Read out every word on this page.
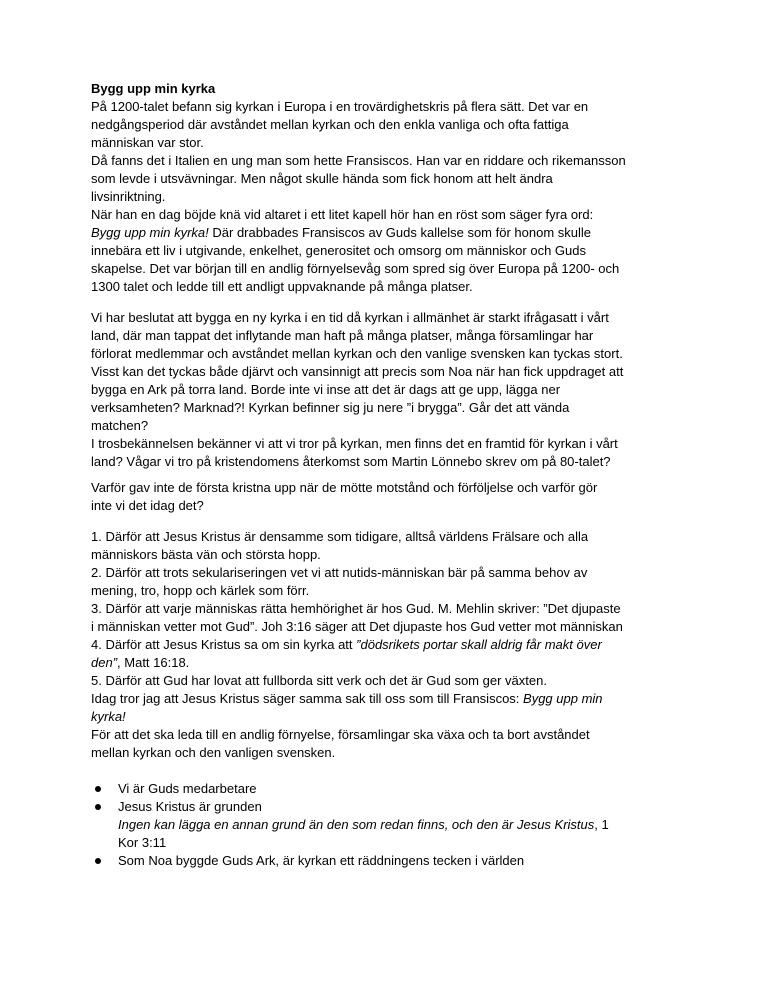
Bygg upp min kyrka
På 1200-talet befann sig kyrkan i Europa i en trovärdighetskris på flera sätt. Det var en
nedgångsperiod där avståndet mellan kyrkan och den enkla vanliga och ofta fattiga
människan var stor.
Då fanns det i Italien en ung man som hette Fransiscos. Han var en riddare och rikemansson
som levde i utsvävningar. Men något skulle hända som fick honom att helt ändra
livsinriktning.
När han en dag böjde knä vid altaret i ett litet kapell hör han en röst som säger fyra ord:
Bygg upp min kyrka! Där drabbades Fransiscos av Guds kallelse som för honom skulle
innebära ett liv i utgivande, enkelhet, generositet och omsorg om människor och Guds
skapelse. Det var början till en andlig förnyelsevåg som spred sig över Europa på 1200- och
1300 talet och ledde till ett andligt uppvaknande på många platser.
Vi har beslutat att bygga en ny kyrka i en tid då kyrkan i allmänhet är starkt ifrågasatt i vårt
land, där man tappat det inflytande man haft på många platser, många församlingar har
förlorat medlemmar och avståndet mellan kyrkan och den vanlige svensken kan tyckas stort.
Visst kan det tyckas både djärvt och vansinnigt att precis som Noa när han fick uppdraget att
bygga en Ark på torra land. Borde inte vi inse att det är dags att ge upp, lägga ner
verksamheten? Marknad?! Kyrkan befinner sig ju nere ”i brygga”. Går det att vända
matchen?
I trosbekännelsen bekänner vi att vi tror på kyrkan, men finns det en framtid för kyrkan i vårt
land? Vågar vi tro på kristendomens återkomst som Martin Lönnebo skrev om på 80-talet?
Varför gav inte de första kristna upp när de mötte motstånd och förföljelse och varför gör
inte vi det idag det?
1. Därför att Jesus Kristus är densamme som tidigare, alltså världens Frälsare och alla
människors bästa vän och största hopp.
2. Därför att trots sekulariseringen vet vi att nutids-människan bär på samma behov av
mening, tro, hopp och kärlek som förr.
3. Därför att varje människas rätta hemhörighet är hos Gud. M. Mehlin skriver: ”Det djupaste
i människan vetter mot Gud”. Joh 3:16 säger att Det djupaste hos Gud vetter mot människan
4. Därför att Jesus Kristus sa om sin kyrka att ”dödsrikets portar skall aldrig får makt över
den”, Matt 16:18.
5. Därför att Gud har lovat att fullborda sitt verk och det är Gud som ger växten.
Idag tror jag att Jesus Kristus säger samma sak till oss som till Fransiscos: Bygg upp min
kyrka!
För att det ska leda till en andlig förnyelse, församlingar ska växa och ta bort avståndet
mellan kyrkan och den vanligen svensken.
Vi är Guds medarbetare
Jesus Kristus är grunden
Ingen kan lägga en annan grund än den som redan finns, och den är Jesus Kristus, 1
Kor 3:11
Som Noa byggde Guds Ark, är kyrkan ett räddningens tecken i världen
